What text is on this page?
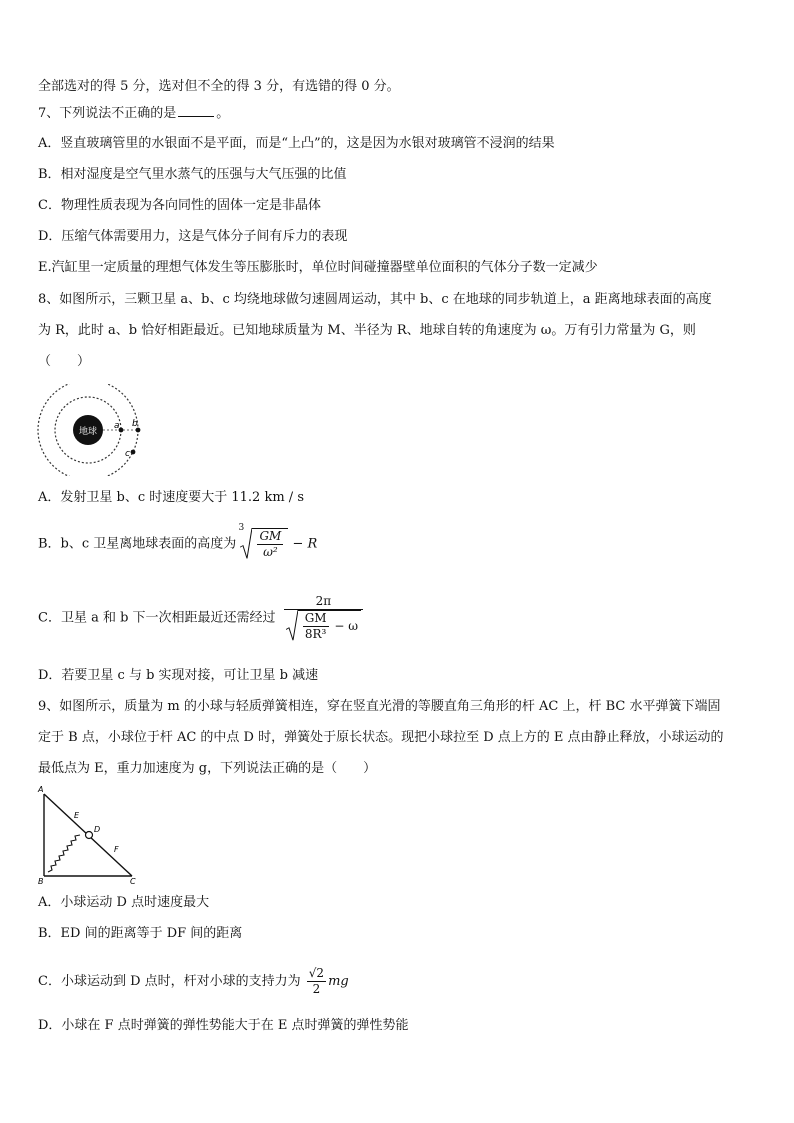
全部选对的得 5 分，选对但不全的得 3 分，有选错的得 0 分。
7、下列说法不正确的是	。
A．竖直玻璃管里的水银面不是平面，而是“上凸”的，这是因为水银对玻璃管不浸润的结果
B．相对湿度是空气里水蒸气的压强与大气压强的比值
C．物理性质表现为各向同性的固体一定是非晶体
D．压缩气体需要用力，这是气体分子间有斥力的表现
E.汽缸里一定质量的理想气体发生等压膨胀时，单位时间碰撞器壁单位面积的气体分子数一定减少
8、如图所示，三颗卫星 a、b、c 均绕地球做匀速圆周运动，其中 b、c 在地球的同步轨道上，a 距离地球表面的高度
为 R，此时 a、b 恰好相距最近。已知地球质量为 M、半径为 R、地球自转的角速度为 ω。万有引力常量为 G，则
（　　）
地球
a b
c
A．发射卫星 b、c 时速度要大于 11.2 km / s
B．b、c 卫星离地球表面的高度为
3
$\frac{GM}{\text{ω²}} - R$
C．卫星 a 和 b 下一次相距最近还需经过 $\frac{2\pi}{\frac{GM}{\text{8R³}} - \omega}$
D．若要卫星 c 与 b 实现对接，可让卫星 b 减速
9、如图所示，质量为 m 的小球与轻质弹簧相连，穿在竖直光滑的等腰直角三角形的杆 AC 上，杆 BC 水平弹簧下端固
定于 B 点，小球位于杆 AC 的中点 D 时，弹簧处于原长状态。现把小球拉至 D 点上方的 E 点由静止释放，小球运动的
最低点为 E，重力加速度为 g，下列说法正确的是（　　）
A
E
D
F
B	C
A．小球运动 D 点时速度最大
B．ED 间的距离等于 DF 间的距离
C．小球运动到 D 点时，杆对小球的支持力为 $\frac{√2}{2}$ mg
D．小球在 F 点时弹簧的弹性势能大于在 E 点时弹簧的弹性势能
